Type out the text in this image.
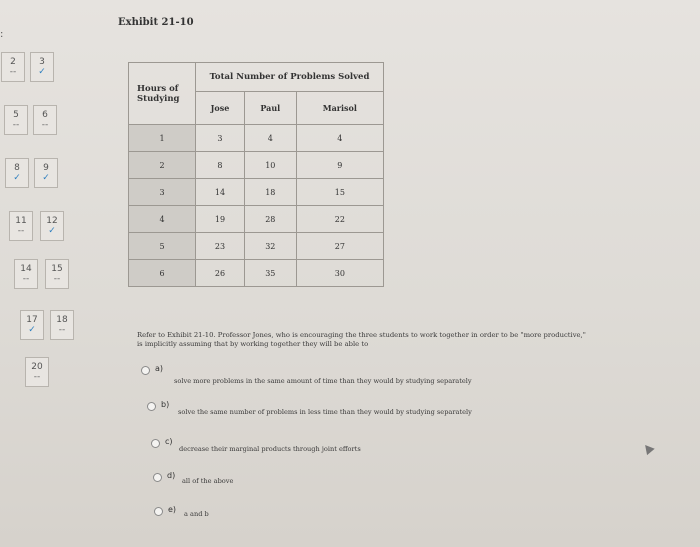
:
2
--
3
✓
5
--
6
--
8
✓
9
✓
11
--
12
✓
14
--
15
--
17
✓
18
--
20
--
Exhibit 21-10
Hours of Studying	Total Number of Problems Solved		
	Jose	Paul	Marisol
1	3	4	4
2	8	10	9
3	14	18	15
4	19	28	22
5	23	32	27
6	26	35	30
Refer to Exhibit 21-10. Professor Jones, who is encouraging the three students to work together in order to be "more productive," is implicitly assuming that by working together they will be able to
a)
solve more problems in the same amount of time than they would by studying separately
b)
solve the same number of problems in less time than they would by studying separately
c)
decrease their marginal products through joint efforts
d)
all of the above
e) a and b
